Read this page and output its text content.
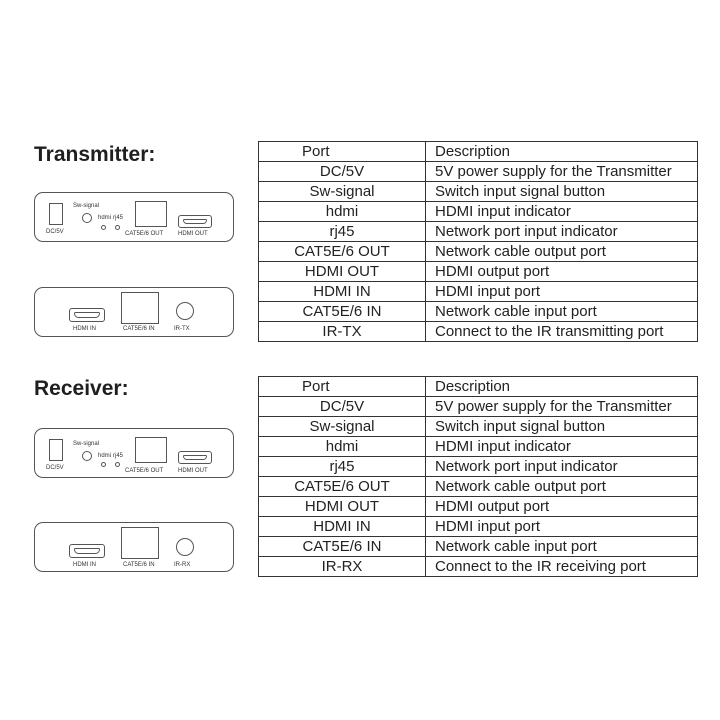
Transmitter:
DC/5V
Sw-signal
hdmi rj45
CAT5E/6 OUT HDMI OUT
HDMI IN	CAT5E/6 IN	IR-TX
Port	Description
DC/5V	5V power supply for the Transmitter
Sw-signal	Switch input signal button
hdmi	HDMI input indicator
rj45	Network port input indicator
CAT5E/6 OUT	Network cable output port
HDMI OUT	HDMI output port
HDMI IN	HDMI input port
CAT5E/6 IN	Network cable input port
IR-TX	Connect to the IR transmitting port
Receiver:
DC/5V
Sw-signal
hdmi rj45
CAT5E/6 OUT HDMI OUT
HDMI IN	CAT5E/6 IN	IR-RX
Port	Description
DC/5V	5V power supply for the Transmitter
Sw-signal	Switch input signal button
hdmi	HDMI input indicator
rj45	Network port input indicator
CAT5E/6 OUT	Network cable output port
HDMI OUT	HDMI output port
HDMI IN	HDMI input port
CAT5E/6 IN	Network cable input port
IR-RX	Connect to the IR receiving port
